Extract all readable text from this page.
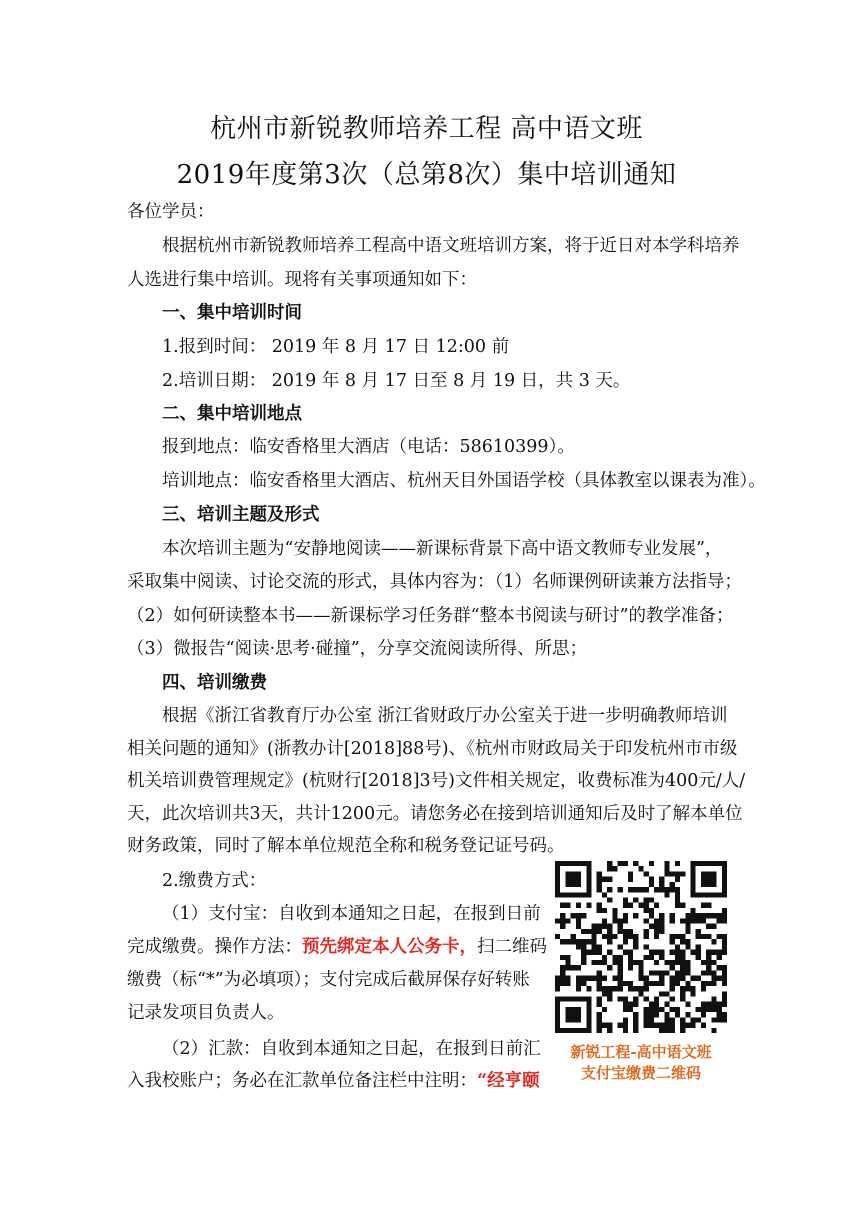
杭州市新锐教师培养工程 高中语文班
2019年度第3次（总第8次）集中培训通知
各位学员：
根据杭州市新锐教师培养工程高中语文班培训方案，将于近日对本学科培养
人选进行集中培训。现将有关事项通知如下：
一、集中培训时间
1.报到时间： 2019 年 8 月 17 日 12:00 前
2.培训日期： 2019 年 8 月 17 日至 8 月 19 日，共 3 天。
二、集中培训地点
报到地点：临安香格里大酒店（电话：58610399）。
培训地点：临安香格里大酒店、杭州天目外国语学校（具体教室以课表为准）。
三、培训主题及形式
本次培训主题为“安静地阅读——新课标背景下高中语文教师专业发展”，
采取集中阅读、讨论交流的形式，具体内容为：（1）名师课例研读兼方法指导；
（2）如何研读整本书——新课标学习任务群“整本书阅读与研讨”的教学准备；
（3）微报告“阅读·思考·碰撞”，分享交流阅读所得、所思；
四、培训缴费
根据《浙江省教育厅办公室 浙江省财政厅办公室关于进一步明确教师培训
相关问题的通知》(浙教办计[2018]88号)、《杭州市财政局关于印发杭州市市级
机关培训费管理规定》(杭财行[2018]3号)文件相关规定，收费标准为400元/人/
天，此次培训共3天，共计1200元。请您务必在接到培训通知后及时了解本单位
财务政策，同时了解本单位规范全称和税务登记证号码。
2.缴费方式：
（1）支付宝：自收到本通知之日起，在报到日前
完成缴费。操作方法：预先绑定本人公务卡，扫二维码
缴费（标“*”为必填项）；支付完成后截屏保存好转账
记录发项目负责人。
（2）汇款：自收到本通知之日起，在报到日前汇
入我校账户；务必在汇款单位备注栏中注明：“经亨颐
新锐工程-高中语文班
支付宝缴费二维码
